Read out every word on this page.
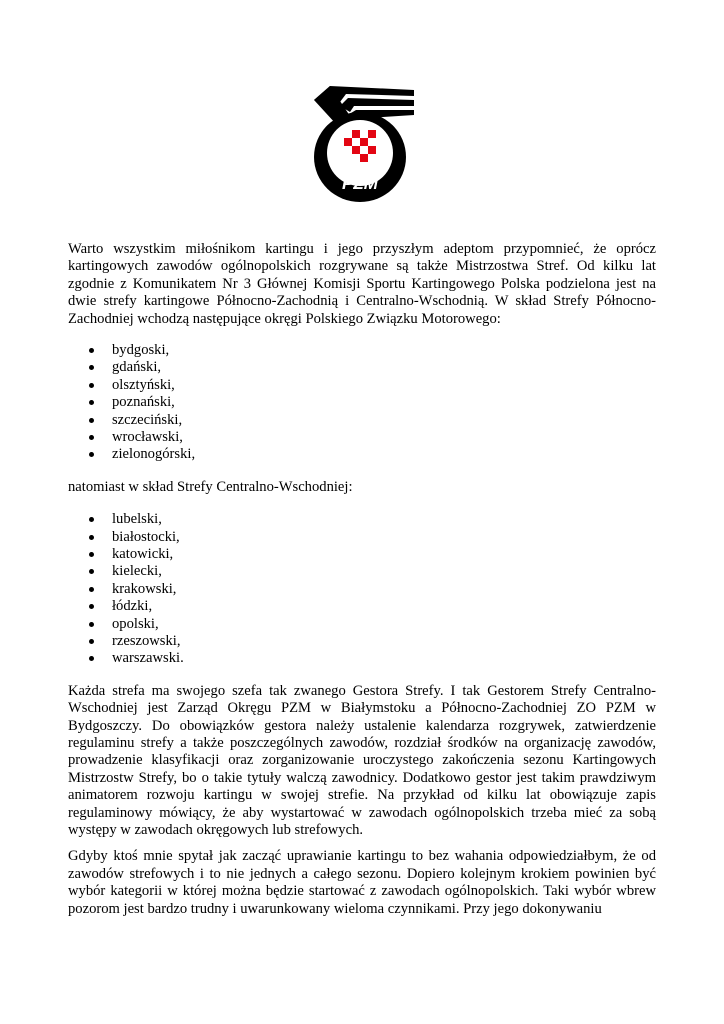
PZM

Warto wszystkim miłośnikom kartingu i jego przyszłym adeptom przypomnieć, że oprócz kartingowych zawodów ogólnopolskich rozgrywane są także Mistrzostwa Stref. Od kilku lat zgodnie z Komunikatem Nr 3 Głównej Komisji Sportu Kartingowego Polska podzielona jest na dwie strefy kartingowe Północno-Zachodnią i Centralno-Wschodnią. W skład Strefy Północno-Zachodniej wchodzą następujące okręgi Polskiego Związku Motorowego:

bydgoski,
gdański,
olsztyński,
poznański,
szczeciński,
wrocławski,
zielonogórski,

natomiast w skład Strefy Centralno-Wschodniej:

lubelski,
białostocki,
katowicki,
kielecki,
krakowski,
łódzki,
opolski,
rzeszowski,
warszawski.

Każda strefa ma swojego szefa tak zwanego Gestora Strefy. I tak Gestorem Strefy Centralno-Wschodniej jest Zarząd Okręgu PZM w Białymstoku a Północno-Zachodniej ZO PZM w Bydgoszczy. Do obowiązków gestora należy ustalenie kalendarza rozgrywek, zatwierdzenie regulaminu strefy a także poszczególnych zawodów, rozdział środków na organizację zawodów, prowadzenie klasyfikacji oraz zorganizowanie uroczystego zakończenia sezonu Kartingowych Mistrzostw Strefy, bo o takie tytuły walczą zawodnicy. Dodatkowo gestor jest takim prawdziwym animatorem rozwoju kartingu w swojej strefie. Na przykład od kilku lat obowiązuje zapis regulaminowy mówiący, że aby wystartować w zawodach ogólnopolskich trzeba mieć za sobą występy w zawodach okręgowych lub strefowych.

Gdyby ktoś mnie spytał jak zacząć uprawianie kartingu to bez wahania odpowiedziałbym, że od zawodów strefowych i to nie jednych a całego sezonu. Dopiero kolejnym krokiem powinien być wybór kategorii w której można będzie startować z zawodach ogólnopolskich. Taki wybór wbrew pozorom jest bardzo trudny i uwarunkowany wieloma czynnikami. Przy jego dokonywaniu
